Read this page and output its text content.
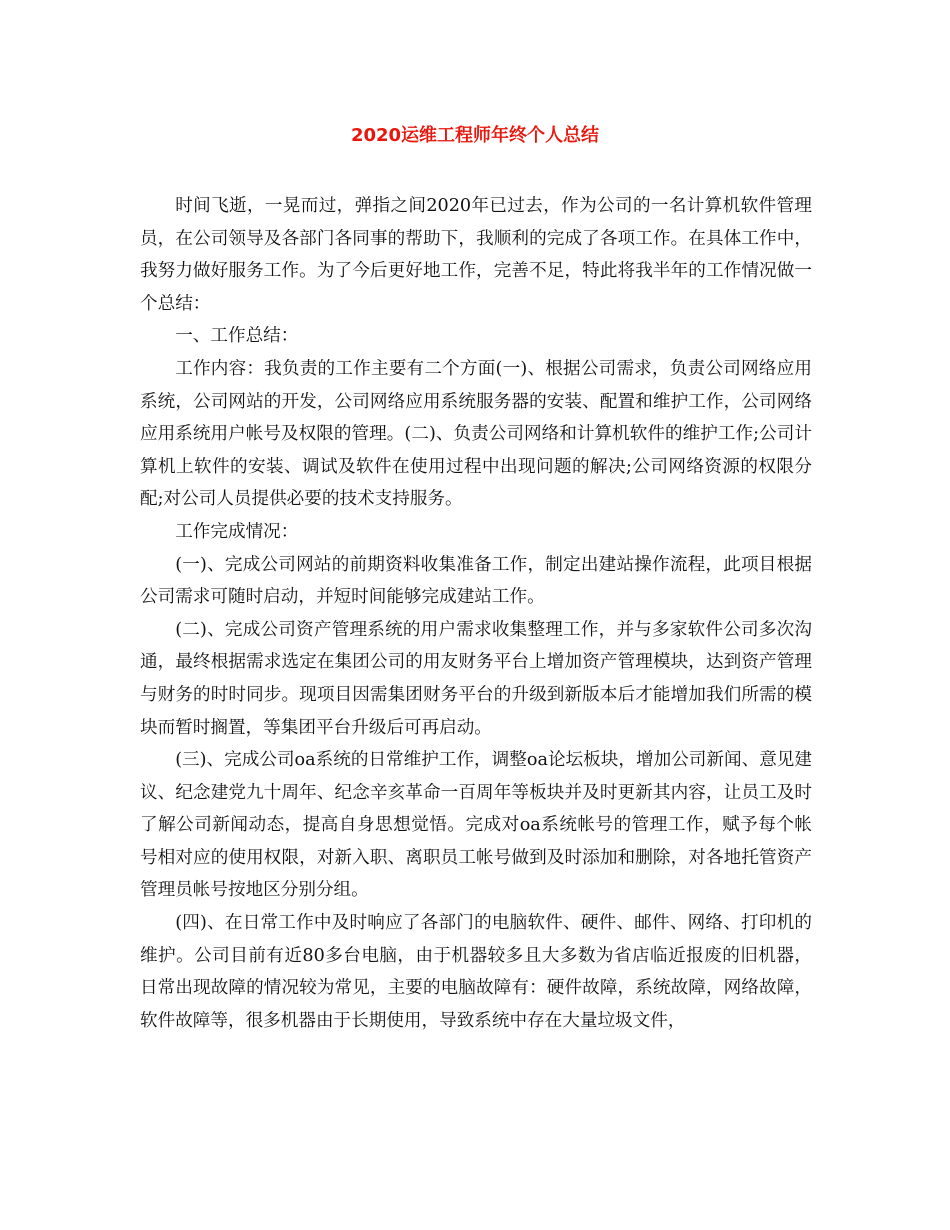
2020运维工程师年终个人总结

时间飞逝，一晃而过，弹指之间2020年已过去，作为公司的一名计算机软件管理员，在公司领导及各部门各同事的帮助下，我顺利的完成了各项工作。在具体工作中，我努力做好服务工作。为了今后更好地工作，完善不足，特此将我半年的工作情况做一个总结：

一、工作总结：

工作内容：我负责的工作主要有二个方面(一)、根据公司需求，负责公司网络应用系统，公司网站的开发，公司网络应用系统服务器的安装、配置和维护工作，公司网络应用系统用户帐号及权限的管理。(二)、负责公司网络和计算机软件的维护工作;公司计算机上软件的安装、调试及软件在使用过程中出现问题的解决;公司网络资源的权限分配;对公司人员提供必要的技术支持服务。

工作完成情况：

(一)、完成公司网站的前期资料收集准备工作，制定出建站操作流程，此项目根据公司需求可随时启动，并短时间能够完成建站工作。

(二)、完成公司资产管理系统的用户需求收集整理工作，并与多家软件公司多次沟通，最终根据需求选定在集团公司的用友财务平台上增加资产管理模块，达到资产管理与财务的时时同步。现项目因需集团财务平台的升级到新版本后才能增加我们所需的模块而暂时搁置，等集团平台升级后可再启动。

(三)、完成公司oa系统的日常维护工作，调整oa论坛板块，增加公司新闻、意见建议、纪念建党九十周年、纪念辛亥革命一百周年等板块并及时更新其内容，让员工及时了解公司新闻动态，提高自身思想觉悟。完成对oa系统帐号的管理工作，赋予每个帐号相对应的使用权限，对新入职、离职员工帐号做到及时添加和删除，对各地托管资产管理员帐号按地区分别分组。

(四)、在日常工作中及时响应了各部门的电脑软件、硬件、邮件、网络、打印机的维护。公司目前有近80多台电脑，由于机器较多且大多数为省店临近报废的旧机器，日常出现故障的情况较为常见，主要的电脑故障有：硬件故障，系统故障，网络故障，软件故障等，很多机器由于长期使用，导致系统中存在大量垃圾文件，
